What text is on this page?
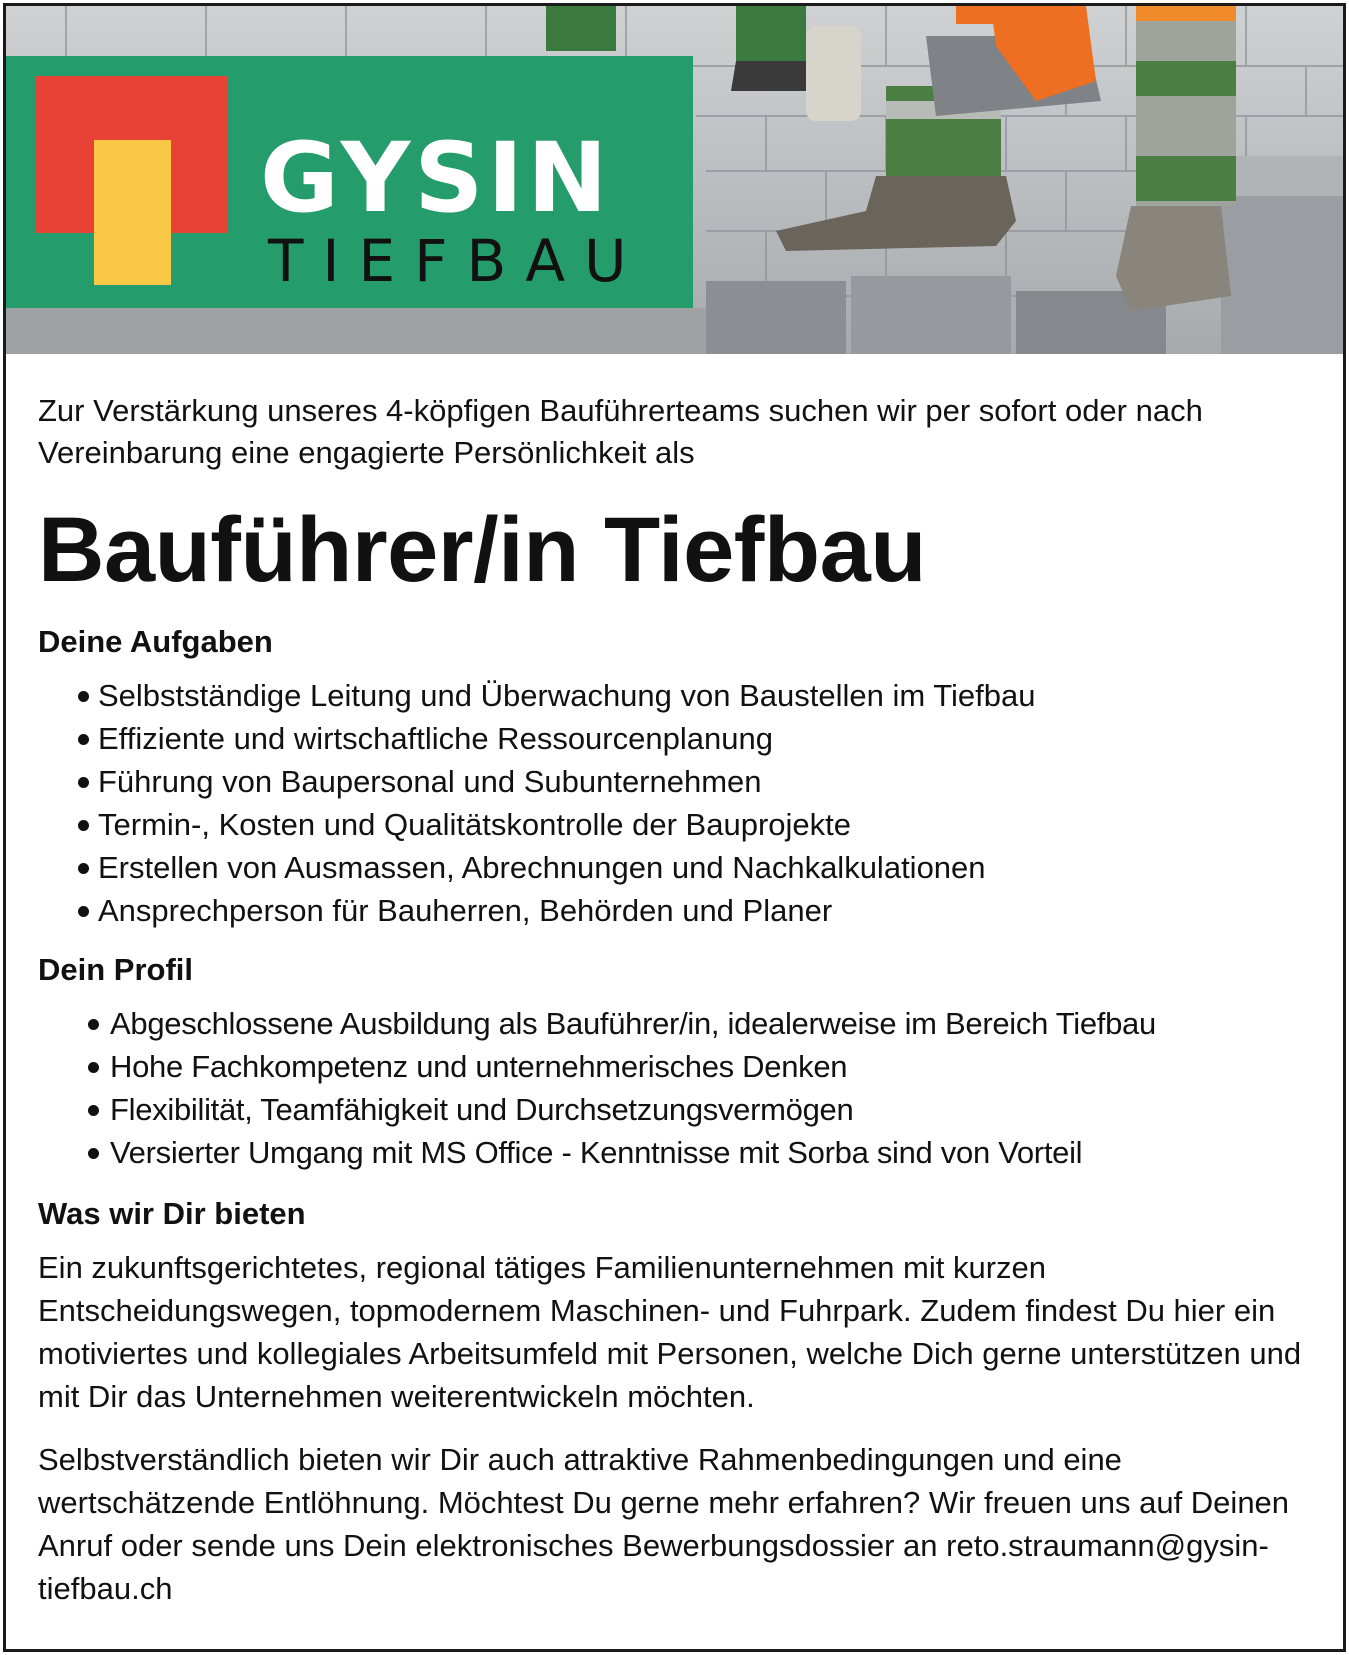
GYSIN
TIEFBAU

Zur Verstärkung unseres 4-köpfigen Bauführerteams suchen wir per sofort oder nach Vereinbarung eine engagierte Persönlichkeit als

Bauführer/in Tiefbau
Deine Aufgaben
Selbstständige Leitung und Überwachung von Baustellen im Tiefbau
Effiziente und wirtschaftliche Ressourcenplanung
Führung von Baupersonal und Subunternehmen
Termin-, Kosten und Qualitätskontrolle der Bauprojekte
Erstellen von Ausmassen, Abrechnungen und Nachkalkulationen
Ansprechperson für Bauherren, Behörden und Planer
Dein Profil
Abgeschlossene Ausbildung als Bauführer/in, idealerweise im Bereich Tiefbau
Hohe Fachkompetenz und unternehmerisches Denken
Flexibilität, Teamfähigkeit und Durchsetzungsvermögen
Versierter Umgang mit MS Office - Kenntnisse mit Sorba sind von Vorteil
Was wir Dir bieten

Ein zukunftsgerichtetes, regional tätiges Familienunternehmen mit kurzen Entscheidungswegen, topmodernem Maschinen- und Fuhrpark. Zudem findest Du hier ein motiviertes und kollegiales Arbeitsumfeld mit Personen, welche Dich gerne unterstützen und mit Dir das Unternehmen weiterentwickeln möchten.

Selbstverständlich bieten wir Dir auch attraktive Rahmenbedingungen und eine wertschätzende Entlöhnung. Möchtest Du gerne mehr erfahren? Wir freuen uns auf Deinen Anruf oder sende uns Dein elektronisches Bewerbungsdossier an reto.straumann@gysin-tiefbau.ch
